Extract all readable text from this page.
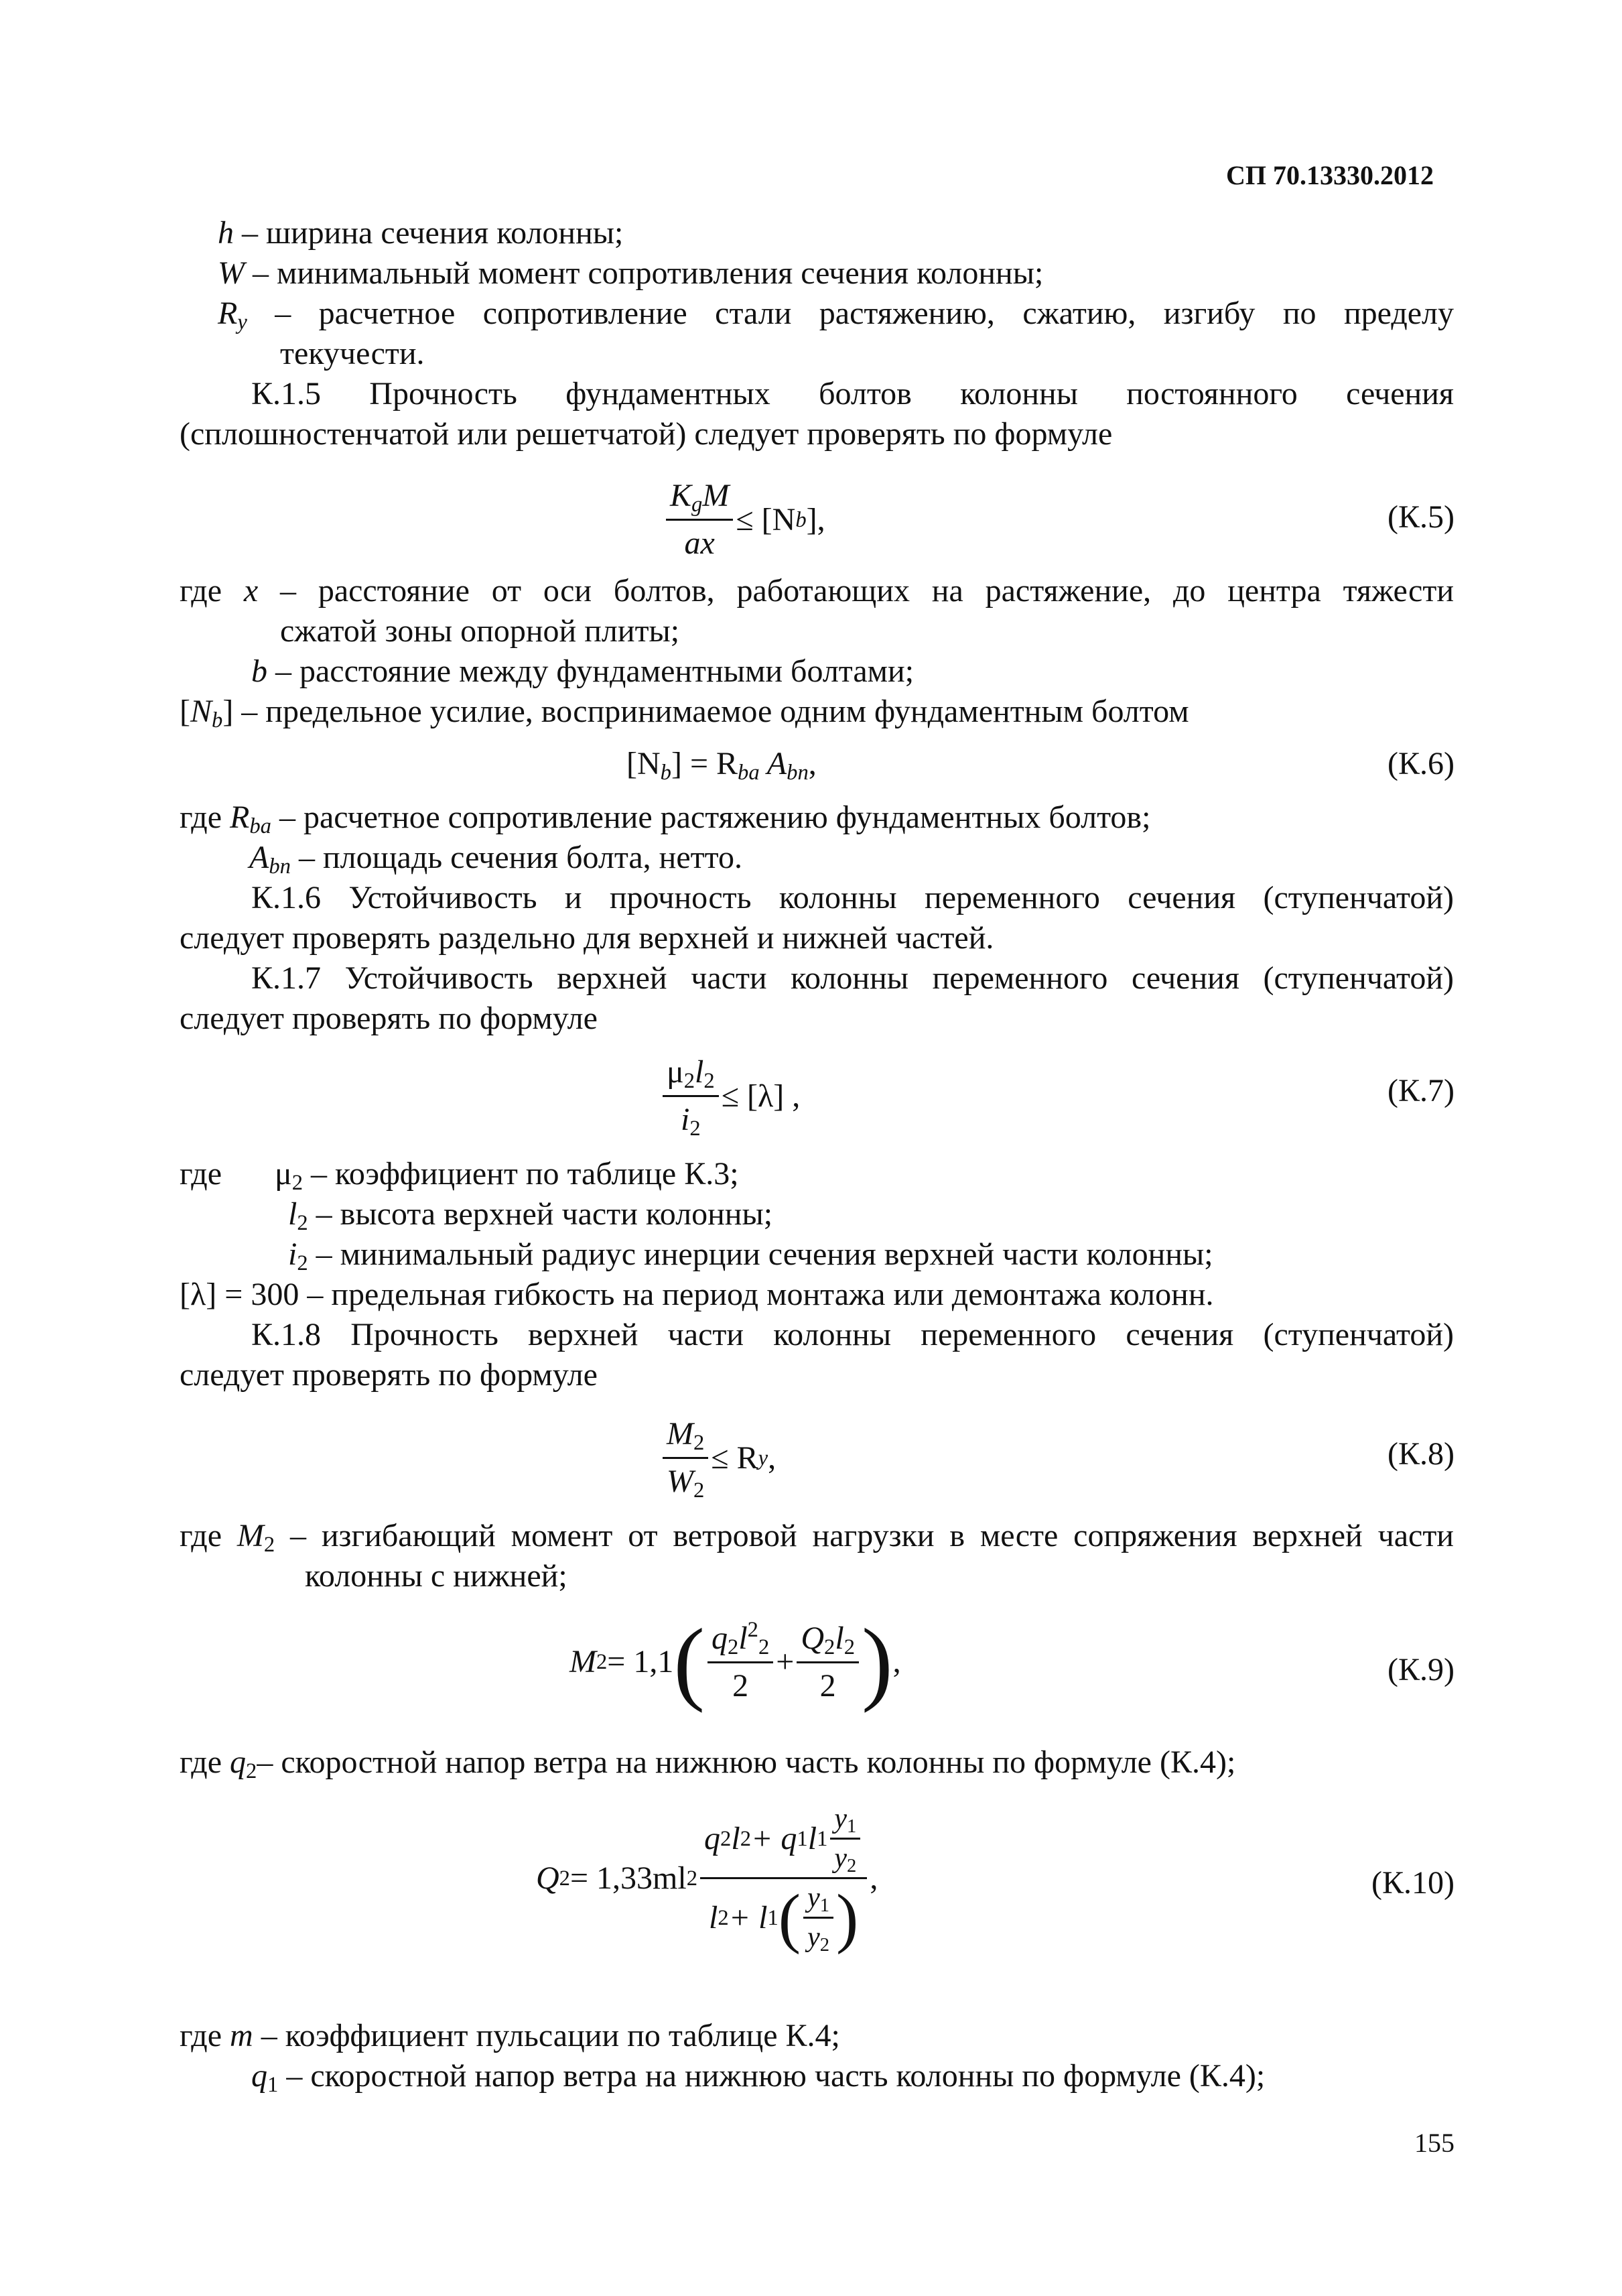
СП 70.13330.2012
h – ширина сечения колонны;
W – минимальный момент сопротивления сечения колонны;
$R_y$ – расчетное сопротивление стали растяжению, сжатию, изгибу по пределу
текучести.
К.1.5 Прочность фундаментных болтов колонны постоянного сечения
(сплошностенчатой или решетчатой) следует проверять по формуле
$\frac{K_gM}{ax} \le [N$ b ],	(К.5)
где x – расстояние от оси болтов, работающих на растяжение, до центра тяжести
сжатой зоны опорной плиты;
b – расстояние между фундаментными болтами;
$[N_b]$ – предельное усилие, воспринимаемое одним фундаментным болтом
$[N_b] = R_{ba}$ $A_{bn}$,	(К.6)
где $R_{ba}$ – расчетное сопротивление растяжению фундаментных болтов;
$A_{bn}$ – площадь сечения болта, нетто.
К.1.6 Устойчивость и прочность колонны переменного сечения (ступенчатой)
следует проверять раздельно для верхней и нижней частей.
К.1.7 Устойчивость верхней части колонны переменного сечения (ступенчатой)
следует проверять по формуле
$\frac{\mu_2l_2}{i_2} \le [\lambda]$ ,	(К.7)
где $\mu_2$ – коэффициент по таблице К.3;
$l_2$ – высота верхней части колонны;
$i_2$ – минимальный радиус инерции сечения верхней части колонны;
[λ] = 300 – предельная гибкость на период монтажа или демонтажа колонн.
К.1.8 Прочность верхней части колонны переменного сечения (ступенчатой)
следует проверять по формуле
$\frac{M_2}{W_2} \le R$ y ,	(К.8)
где $M_2$ – изгибающий момент от ветровой нагрузки в месте сопряжения верхней части
колонны с нижней;
M 2 = 1,1 ( $\frac{q_2l^2_2}{2} + \frac{Q_2l_2}{2}$ ) ,	(К.9)
где $q_2-$ скоростной напор ветра на нижнюю часть колонны по формуле (К.4);
Q 2 = 1,33ml $2 \frac{q 2 l 2 + q 1 l 1 \frac{y_1}{y_2}}{l 2 + l 1 ( \frac{y_1}{y_2} )}$ ,	(К.10)
где m – коэффициент пульсации по таблице К.4;
$q_1$ – скоростной напор ветра на нижнюю часть колонны по формуле (К.4);
155
